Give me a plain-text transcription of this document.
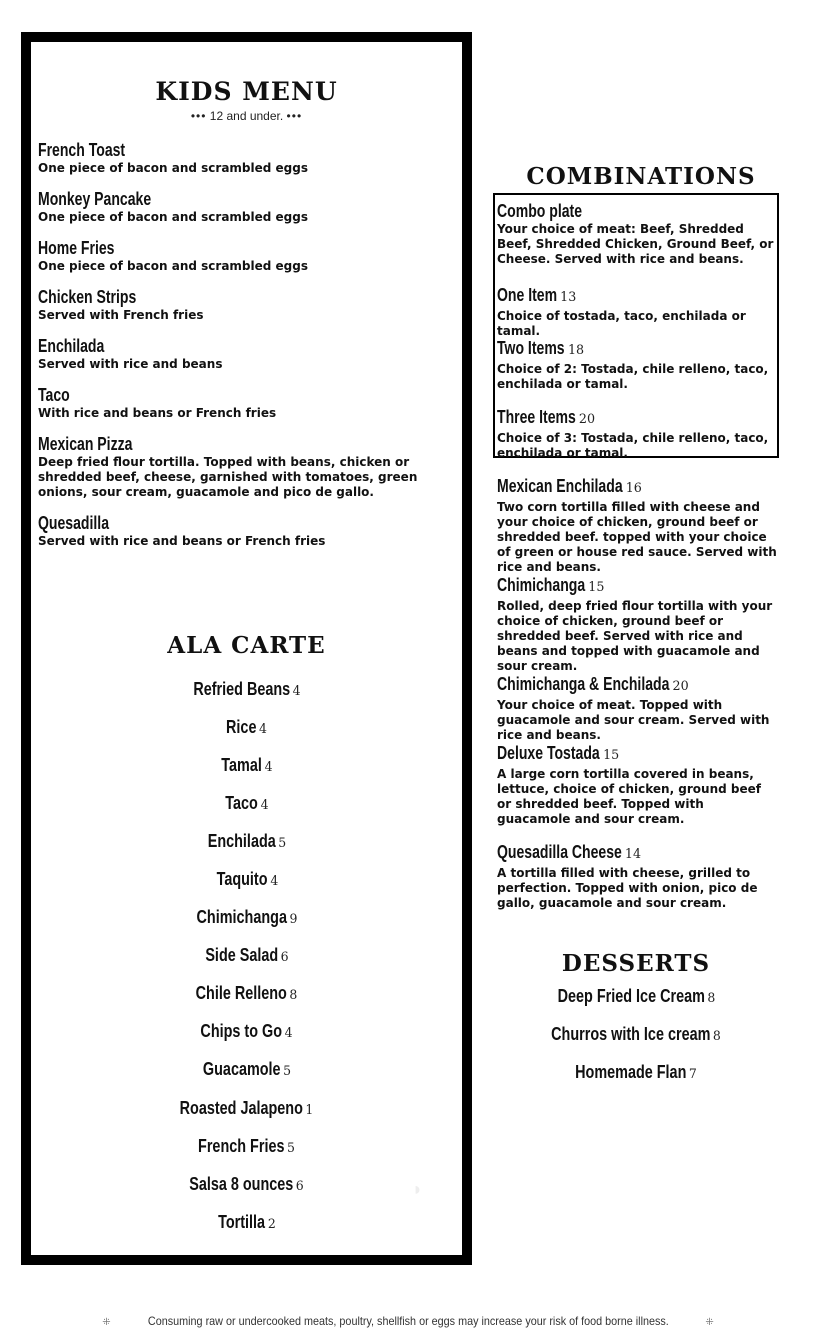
KIDS MENU
••• 12 and under. •••
French Toast
One piece of bacon and scrambled eggs
Monkey Pancake
One piece of bacon and scrambled eggs
Home Fries
One piece of bacon and scrambled eggs
Chicken Strips
Served with French fries
Enchilada
Served with rice and beans
Taco
With rice and beans or French fries
Mexican Pizza
Deep fried flour tortilla. Topped with beans, chicken or shredded beef, cheese, garnished with tomatoes, green onions, sour cream, guacamole and pico de gallo.
Quesadilla
Served with rice and beans or French fries
ALA CARTE
Refried Beans 4
Rice 4
Tamal 4
Taco 4
Enchilada 5
Taquito 4
Chimichanga 9
Side Salad 6
Chile Relleno 8
Chips to Go 4
Guacamole 5
Roasted Jalapeno 1
French Fries 5
Salsa 8 ounces 6
Tortilla 2
COMBINATIONS
Combo plate
Your choice of meat: Beef, Shredded Beef, Shredded Chicken, Ground Beef, or Cheese. Served with rice and beans.
One Item 13
Choice of tostada, taco, enchilada or tamal.
Two Items 18
Choice of 2: Tostada, chile relleno, taco, enchilada or tamal.
Three Items 20
Choice of 3: Tostada, chile relleno, taco, enchilada or tamal.
Mexican Enchilada 16
Two corn tortilla filled with cheese and your choice of chicken, ground beef or shredded beef. topped with your choice of green or house red sauce. Served with rice and beans.
Chimichanga 15
Rolled, deep fried flour tortilla with your choice of chicken, ground beef or shredded beef. Served with rice and beans and topped with guacamole and sour cream.
Chimichanga & Enchilada 20
Your choice of meat. Topped with guacamole and sour cream. Served with rice and beans.
Deluxe Tostada 15
A large corn tortilla covered in beans, lettuce, choice of chicken, ground beef or shredded beef. Topped with guacamole and sour cream.
Quesadilla Cheese 14
A tortilla filled with cheese, grilled to perfection. Topped with onion, pico de gallo, guacamole and sour cream.
DESSERTS
Deep Fried Ice Cream 8
Churros with Ice cream 8
Homemade Flan 7
◗
⁜	Consuming raw or undercooked meats, poultry, shellfish or eggs may increase your risk of food borne illness.	⁜
